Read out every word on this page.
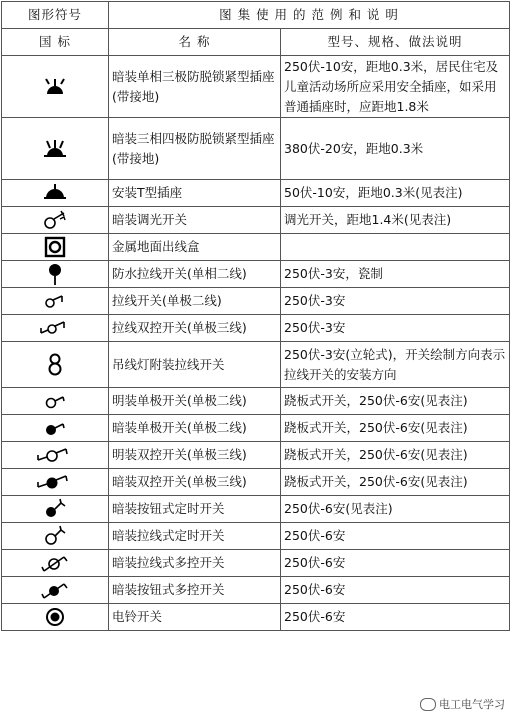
图形符号	图 集 使 用 的 范 例 和 说 明	
国 标	名 称	型号、规格、做法说明

	暗装单相三极防脱锁紧型插座(带接地)	250伏-10安，距地0.3米，居民住宅及儿童活动场所应采用安全插座，如采用普通插座时，应距地1.8米

	暗装三相四极防脱锁紧型插座(带接地)	380伏-20安，距地0.3米

	安装T型插座	50伏-10安，距地0.3米(见表注)

	暗装调光开关	调光开关，距地1.4米(见表注)

	金属地面出线盒	

	防水拉线开关(单相二线)	250伏-3安，瓷制

	拉线开关(单极二线)	250伏-3安

	拉线双控开关(单极三线)	250伏-3安

	吊线灯附装拉线开关	250伏-3安(立轮式)，开关绘制方向表示拉线开关的安装方向

	明装单极开关(单极二线)	跷板式开关，250伏-6安(见表注)

	暗装单极开关(单极二线)	跷板式开关，250伏-6安(见表注)

	明装双控开关(单极三线)	跷板式开关，250伏-6安(见表注)

	暗装双控开关(单极三线)	跷板式开关，250伏-6安(见表注)

	暗装按钮式定时开关	250伏-6安(见表注)

	暗装拉线式定时开关	250伏-6安

	暗装拉线式多控开关	250伏-6安

	暗装按钮式多控开关	250伏-6安

	电铃开关	250伏-6安
电工电气学习
